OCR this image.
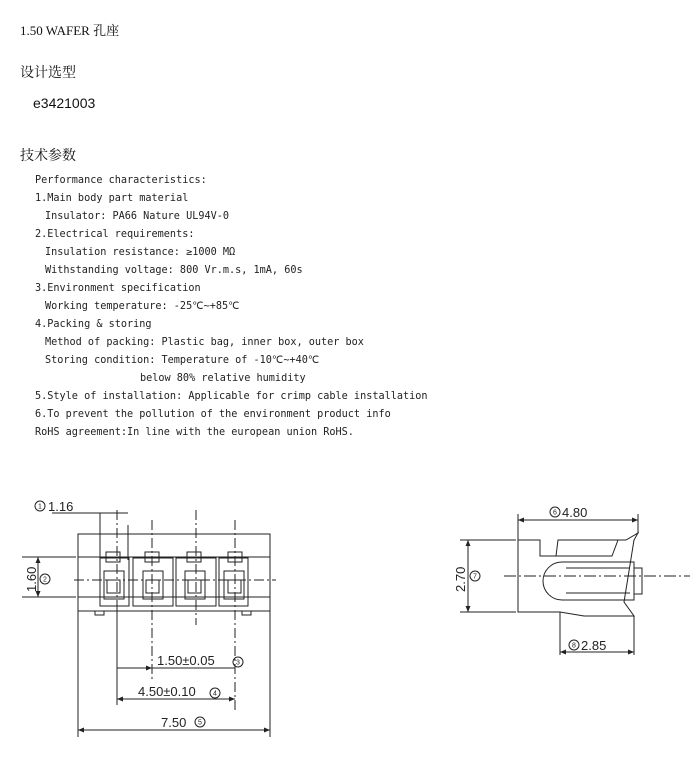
1.50 WAFER 孔座
设计选型
e3421003
技术参数
Performance characteristics:
1.Main body part material
Insulator: PA66 Nature UL94V-0
2.Electrical requirements:
Insulation resistance: ≥1000 MΩ
Withstanding voltage: 800 Vr.m.s, 1mA, 60s
3.Environment specification
Working temperature: -25℃~+85℃
4.Packing & storing
Method of packing: Plastic bag, inner box, outer box
Storing condition: Temperature of -10℃~+40℃
below 80% relative humidity
5.Style of installation: Applicable for crimp cable installation
6.To prevent the pollution of the environment product info
RoHS agreement:In line with the european union RoHS.
1 1.16
1.60 2
1.50±0.05	3
4.50±0.10 4
7.50 5
6 4.80
2.70 7
8 2.85
